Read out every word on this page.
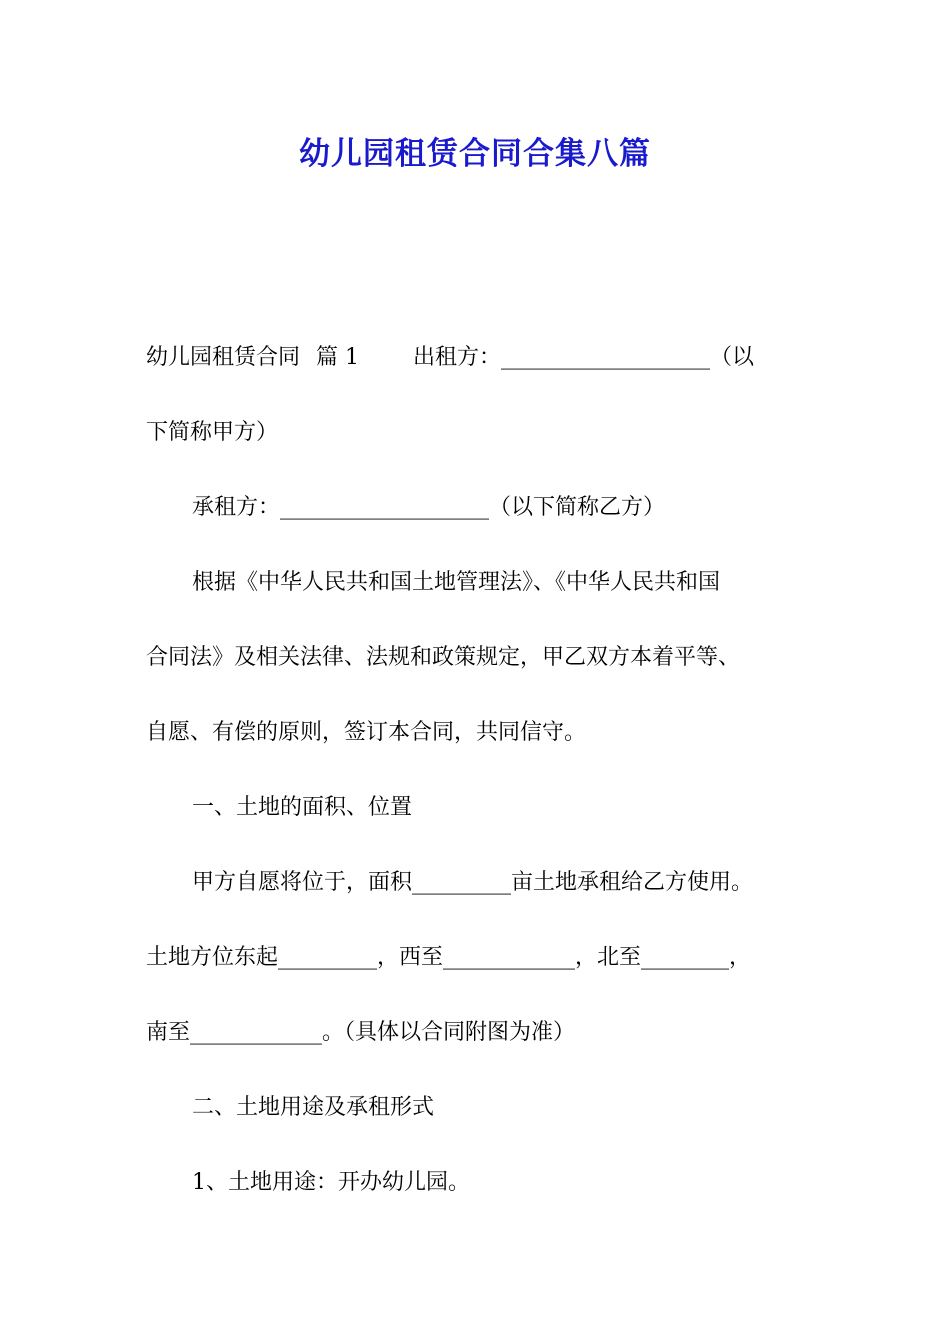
幼儿园租赁合同合集八篇
幼儿园租赁合同 篇 1 出租方：___________________（以
下简称甲方）
承租方：___________________（以下简称乙方）
根据《中华人民共和国土地管理法》、《中华人民共和国
合同法》及相关法律、法规和政策规定，甲乙双方本着平等、
自愿、有偿的原则，签订本合同，共同信守。
一、土地的面积、位置
甲方自愿将位于，面积_________亩土地承租给乙方使用。
土地方位东起_________，西至____________，北至________，
南至____________。（具体以合同附图为准）
二、土地用途及承租形式
1、土地用途：开办幼儿园。
